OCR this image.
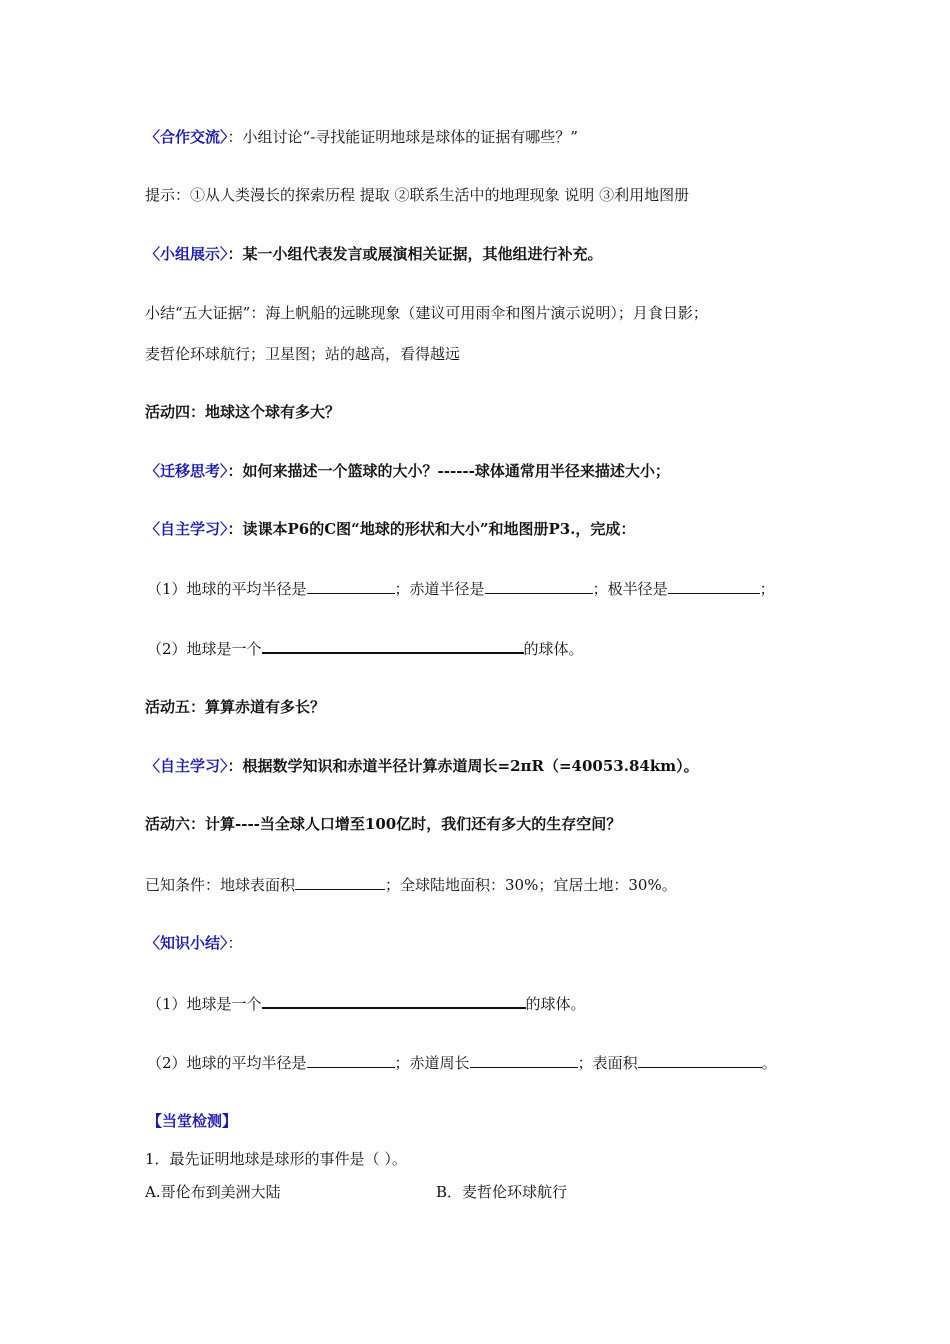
〈合作交流〉：小组讨论“-寻找能证明地球是球体的证据有哪些？”
提示：①从人类漫长的探索历程 提取 ②联系生活中的地理现象 说明 ③利用地图册
〈小组展示〉：某一小组代表发言或展演相关证据，其他组进行补充。
小结“五大证据”：海上帆船的远眺现象（建议可用雨伞和图片演示说明）；月食日影；
麦哲伦环球航行；卫星图；站的越高，看得越远
活动四：地球这个球有多大？
〈迁移思考〉：如何来描述一个篮球的大小？------球体通常用半径来描述大小；
〈自主学习〉：读课本P6的C图“地球的形状和大小”和地图册P3.，完成：
（1）地球的平均半径是	；赤道半径是	；极半径是	；
（2）地球是一个	的球体。
活动五：算算赤道有多长？
〈自主学习〉：根据数学知识和赤道半径计算赤道周长=2πR（=40053.84km）。
活动六：计算----当全球人口增至100亿时，我们还有多大的生存空间？
已知条件：地球表面积	；全球陆地面积：30%；宜居土地：30%。
〈知识小结〉：
（1）地球是一个	的球体。
（2）地球的平均半径是	；赤道周长	；表面积	。
【当堂检测】
1．最先证明地球是球形的事件是（ ）。
A.哥伦布到美洲大陆	B．麦哲伦环球航行
